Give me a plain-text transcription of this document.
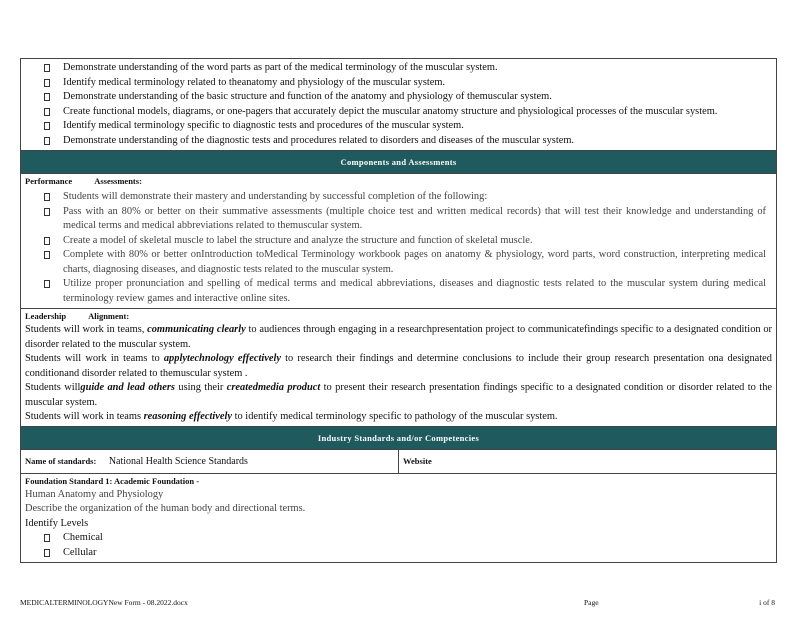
Demonstrate understanding of the word parts as part of the medical terminology of the muscular system.
Identify medical terminology related to theanatomy and physiology of the muscular system.
Demonstrate understanding of the basic structure and function of the anatomy and physiology of themuscular system.
Create functional models, diagrams, or one-pagers that accurately depict the muscular anatomy structure and physiological processes of the muscular system.
Identify medical terminology specific to diagnostic tests and procedures of the muscular system.
Demonstrate understanding of the diagnostic tests and procedures related to disorders and diseases of the muscular system.
Components and Assessments
Performance	Assessments:
Students will demonstrate their mastery and understanding by successful completion of the following:
Pass with an 80% or better on their summative assessments (multiple choice test and written medical records) that will test their knowledge and understanding of medical terms and medical abbreviations related to themuscular system.
Create a model of skeletal muscle to label the structure and analyze the structure and function of skeletal muscle.
Complete with 80% or better onIntroduction toMedical Terminology workbook pages on anatomy & physiology, word parts, word construction, interpreting medical charts, diagnosing diseases, and diagnostic tests related to the muscular system.
Utilize proper pronunciation and spelling of medical terms and medical abbreviations, diseases and diagnostic tests related to the muscular system during medical terminology review games and interactive online sites.
Leadership	Alignment:
Students will work in teams, communicating clearly to audiences through engaging in a researchpresentation project to communicatefindings specific to a designated condition or disorder related to the muscular system.
Students will work in teams to applytechnology effectively to research their findings and determine conclusions to include their group research presentation ona designated conditionand disorder related to themuscular system .
Students willguide and lead others using their createdmedia product to present their research presentation findings specific to a designated condition or disorder related to the muscular system.
Students will work in teams reasoning effectively to identify medical terminology specific to pathology of the muscular system.
Industry Standards and/or Competencies
Name of standards: National Health Science Standards	Website
Foundation Standard 1: Academic Foundation -
Human Anatomy and Physiology
Describe the organization of the human body and directional terms.
Identify Levels
Chemical
Cellular
MEDICALTERMINOLOGYNew Form - 08.2022.docx	Page	i of 8
